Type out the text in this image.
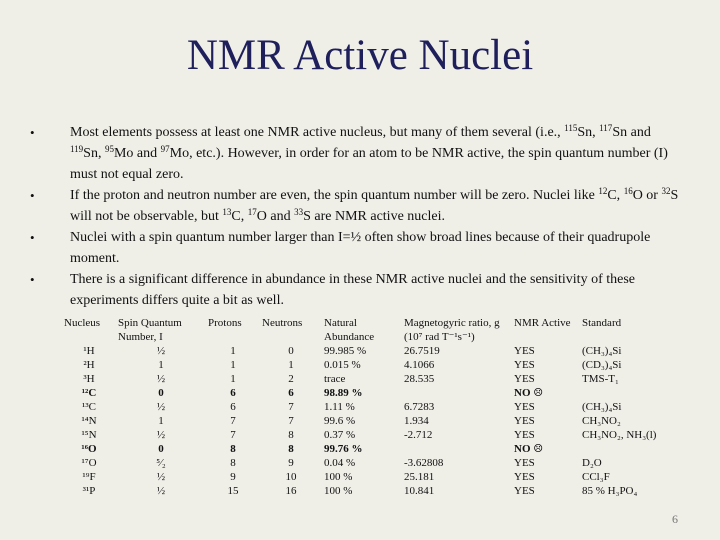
NMR Active Nuclei
• Most elements possess at least one NMR active nucleus, but many of them several (i.e., $^{115}$Sn, $^{117}$Sn and $^{119}$Sn, $^{95}$Mo and $^{97}$Mo, etc.). However, in order for an atom to be NMR active, the spin quantum number (I) must not equal zero.
• If the proton and neutron number are even, the spin quantum number will be zero. Nuclei like $^{12}$C, $^{16}$O or $^{32}$S will not be observable, but $^{13}$C, $^{17}$O and $^{33}$S are NMR active nuclei.
• Nuclei with a spin quantum number larger than I=½ often show broad lines because of their quadrupole moment.
• There is a significant difference in abundance in these NMR active nuclei and the sensitivity of these experiments differs quite a bit as well.
Nucleus	Spin Quantum Number, I	Protons	Neutrons	Natural Abundance	Magnetogyric ratio, g (10⁷ rad T⁻¹s⁻¹)	NMR Active	Standard
¹H	½	1	0	99.985 %	26.7519	YES	(CH₃)₄Si
²H	1	1	1	0.015 %	4.1066	YES	(CD₃)₄Si
³H	½	1	2	trace	28.535	YES	TMS-T₁
¹²C	0	6	6	98.89 %		NO ☹	
¹³C	½	6	7	1.11 %	6.7283	YES	(CH₃)₄Si
¹⁴N	1	7	7	99.6 %	1.934	YES	CH₃NO₂
¹⁵N	½	7	8	0.37 %	-2.712	YES	CH₃NO₂, NH₃(l)
¹⁶O	0	8	8	99.76 %		NO ☹	
¹⁷O	⁵⁄₂	8	9	0.04 %	-3.62808	YES	D₂O
¹⁹F	½	9	10	100 %	25.181	YES	CCl₃F
³¹P	½	15	16	100 %	10.841	YES	85 % H₃PO₄
6
